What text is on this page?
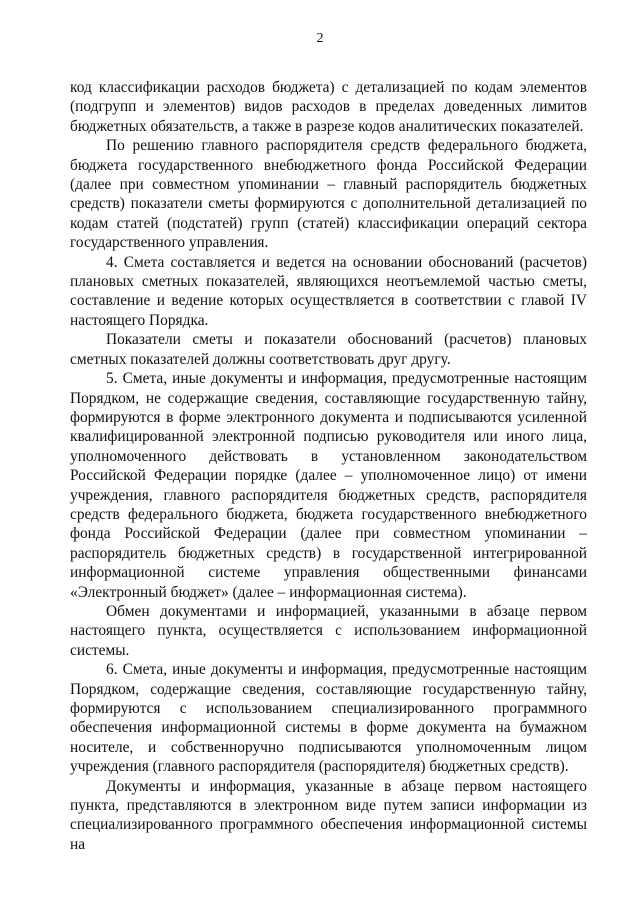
2

код классификации расходов бюджета) с детализацией по кодам элементов (подгрупп и элементов) видов расходов в пределах доведенных лимитов бюджетных обязательств, а также в разрезе кодов аналитических показателей.

По решению главного распорядителя средств федерального бюджета, бюджета государственного внебюджетного фонда Российской Федерации (далее при совместном упоминании – главный распорядитель бюджетных средств) показатели сметы формируются с дополнительной детализацией по кодам статей (подстатей) групп (статей) классификации операций сектора государственного управления.

4. Смета составляется и ведется на основании обоснований (расчетов) плановых сметных показателей, являющихся неотъемлемой частью сметы, составление и ведение которых осуществляется в соответствии с главой IV настоящего Порядка.

Показатели сметы и показатели обоснований (расчетов) плановых сметных показателей должны соответствовать друг другу.

5. Смета, иные документы и информация, предусмотренные настоящим Порядком, не содержащие сведения, составляющие государственную тайну, формируются в форме электронного документа и подписываются усиленной квалифицированной электронной подписью руководителя или иного лица, уполномоченного действовать в установленном законодательством Российской Федерации порядке (далее – уполномоченное лицо) от имени учреждения, главного распорядителя бюджетных средств, распорядителя средств федерального бюджета, бюджета государственного внебюджетного фонда Российской Федерации (далее при совместном упоминании – распорядитель бюджетных средств) в государственной интегрированной информационной системе управления общественными финансами «Электронный бюджет» (далее – информационная система).

Обмен документами и информацией, указанными в абзаце первом настоящего пункта, осуществляется с использованием информационной системы.

6. Смета, иные документы и информация, предусмотренные настоящим Порядком, содержащие сведения, составляющие государственную тайну, формируются с использованием специализированного программного обеспечения информационной системы в форме документа на бумажном носителе, и собственноручно подписываются уполномоченным лицом учреждения (главного распорядителя (распорядителя) бюджетных средств).

Документы и информация, указанные в абзаце первом настоящего пункта, представляются в электронном виде путем записи информации из специализированного программного обеспечения информационной системы на
